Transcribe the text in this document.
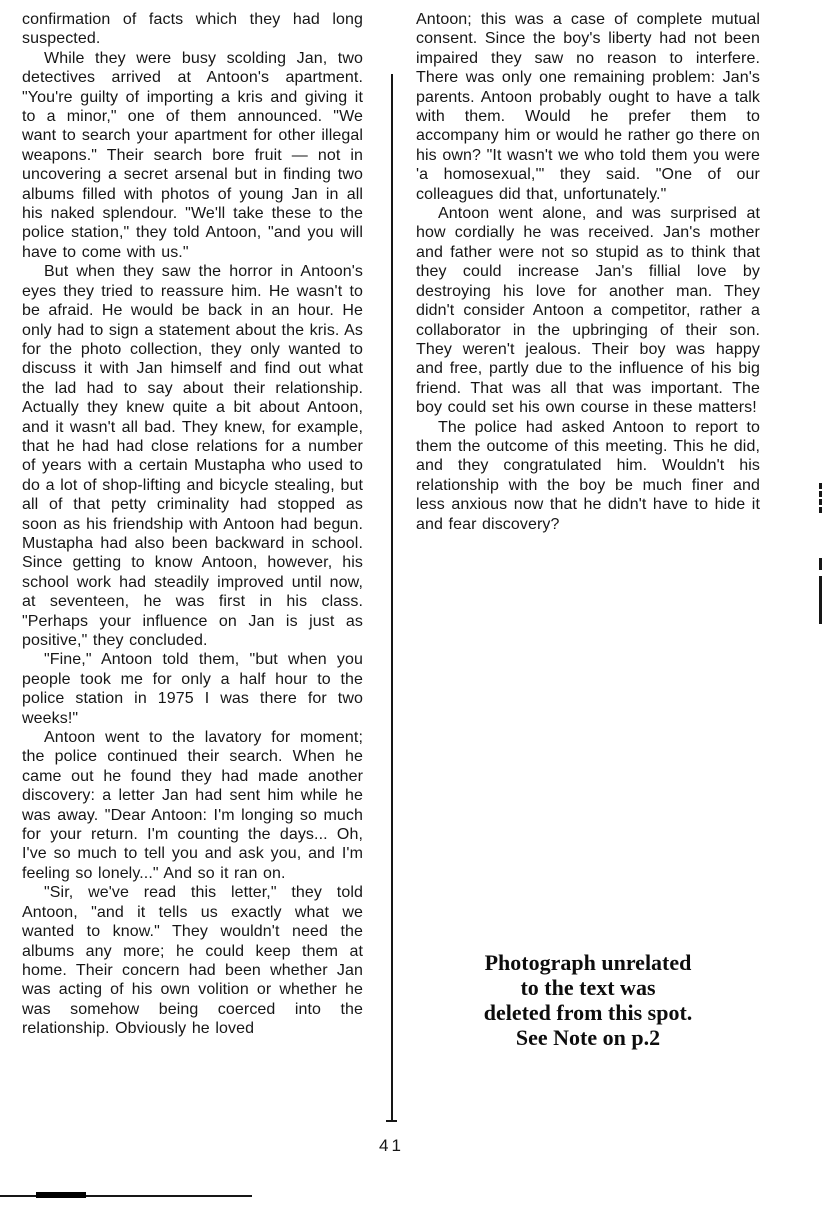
confirmation of facts which they had long suspected.

While they were busy scolding Jan, two detectives arrived at Antoon's apartment. "You're guilty of importing a kris and giving it to a minor," one of them announced. "We want to search your apartment for other illegal weapons." Their search bore fruit — not in uncovering a secret arsenal but in finding two albums filled with photos of young Jan in all his naked splendour. "We'll take these to the police station," they told Antoon, "and you will have to come with us."

But when they saw the horror in Antoon's eyes they tried to reassure him. He wasn't to be afraid. He would be back in an hour. He only had to sign a statement about the kris. As for the photo collection, they only wanted to discuss it with Jan himself and find out what the lad had to say about their relationship. Actually they knew quite a bit about Antoon, and it wasn't all bad. They knew, for example, that he had had close relations for a number of years with a certain Mustapha who used to do a lot of shop-lifting and bicycle stealing, but all of that petty criminality had stopped as soon as his friendship with Antoon had begun. Mustapha had also been backward in school. Since getting to know Antoon, however, his school work had steadily improved until now, at seventeen, he was first in his class. "Perhaps your influence on Jan is just as positive," they concluded.

"Fine," Antoon told them, "but when you people took me for only a half hour to the police station in 1975 I was there for two weeks!"

Antoon went to the lavatory for moment; the police continued their search. When he came out he found they had made another discovery: a letter Jan had sent him while he was away. "Dear Antoon: I'm longing so much for your return. I'm counting the days... Oh, I've so much to tell you and ask you, and I'm feeling so lonely..." And so it ran on.

"Sir, we've read this letter," they told Antoon, "and it tells us exactly what we wanted to know." They wouldn't need the albums any more; he could keep them at home. Their concern had been whether Jan was acting of his own volition or whether he was somehow being coerced into the relationship. Obviously he loved

Antoon; this was a case of complete mutual consent. Since the boy's liberty had not been impaired they saw no reason to interfere. There was only one remaining problem: Jan's parents. Antoon probably ought to have a talk with them. Would he prefer them to accompany him or would he rather go there on his own? "It wasn't we who told them you were 'a homosexual,'" they said. "One of our colleagues did that, unfortunately."

Antoon went alone, and was surprised at how cordially he was received. Jan's mother and father were not so stupid as to think that they could increase Jan's fillial love by destroying his love for another man. They didn't consider Antoon a competitor, rather a collaborator in the upbringing of their son. They weren't jealous. Their boy was happy and free, partly due to the influence of his big friend. That was all that was important. The boy could set his own course in these matters!

The police had asked Antoon to report to them the outcome of this meeting. This he did, and they congratulated him. Wouldn't his relationship with the boy be much finer and less anxious now that he didn't have to hide it and fear discovery?

Photograph unrelated
to the text was
deleted from this spot.
See Note on p.2
41
